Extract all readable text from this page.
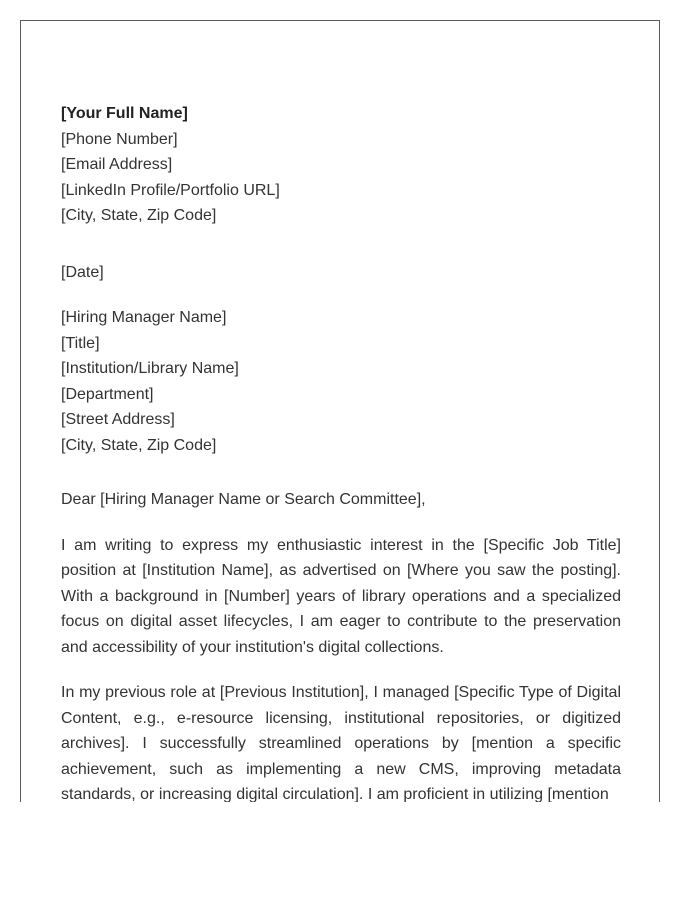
[Your Full Name]
[Phone Number]
[Email Address]
[LinkedIn Profile/Portfolio URL]
[City, State, Zip Code]
[Date]
[Hiring Manager Name]
[Title]
[Institution/Library Name]
[Department]
[Street Address]
[City, State, Zip Code]
Dear [Hiring Manager Name or Search Committee],

I am writing to express my enthusiastic interest in the [Specific Job Title] position at [Institution Name], as advertised on [Where you saw the posting]. With a background in [Number] years of library operations and a specialized focus on digital asset lifecycles, I am eager to contribute to the preservation and accessibility of your institution's digital collections.

In my previous role at [Previous Institution], I managed [Specific Type of Digital Content, e.g., e-resource licensing, institutional repositories, or digitized archives]. I successfully streamlined operations by [mention a specific achievement, such as implementing a new CMS, improving metadata standards, or increasing digital circulation]. I am proficient in utilizing [mention
